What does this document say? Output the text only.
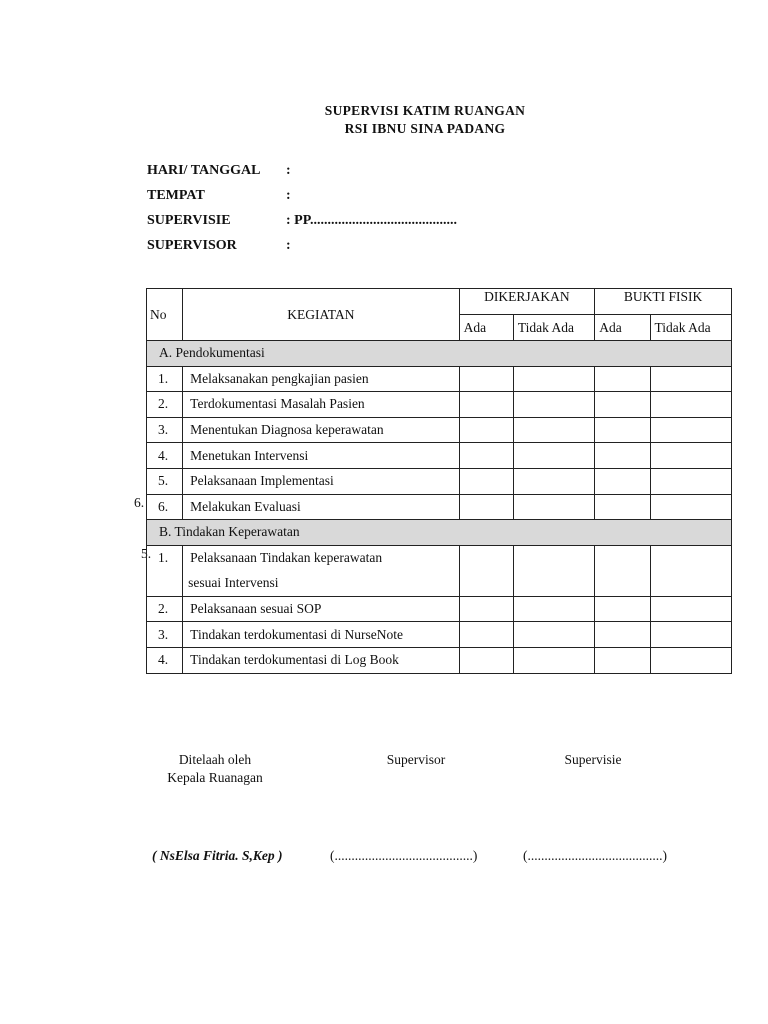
SUPERVISI KATIM RUANGAN
RSI IBNU SINA PADANG
HARI/ TANGGAL :
TEMPAT	:
SUPERVISIE	: PP..........................................
SUPERVISOR	:
6.
5.
No	KEGIATAN	DIKERJAKAN		BUKTI FISIK	
		Ada	Tidak Ada	Ada	Tidak Ada
A. Pendokumentasi					
1.	Melaksanakan pengkajian pasien				
2.	Terdokumentasi Masalah Pasien				
3.	Menentukan Diagnosa keperawatan				
4.	Menetukan Intervensi				
5.	Pelaksanaan Implementasi				
6.	Melakukan Evaluasi				
B. Tindakan Keperawatan					
1.	Pelaksanaan Tindakan keperawatan
sesuai Intervensi				

2.	Pelaksanaan sesuai SOP				
3.	Tindakan terdokumentasi di NurseNote				
4.	Tindakan terdokumentasi di Log Book				
Ditelaah oleh
Kepala Ruanagan
Supervisor	Supervisie
( NsElsa Fitria. S,Kep )	(.........................................)	(........................................)
